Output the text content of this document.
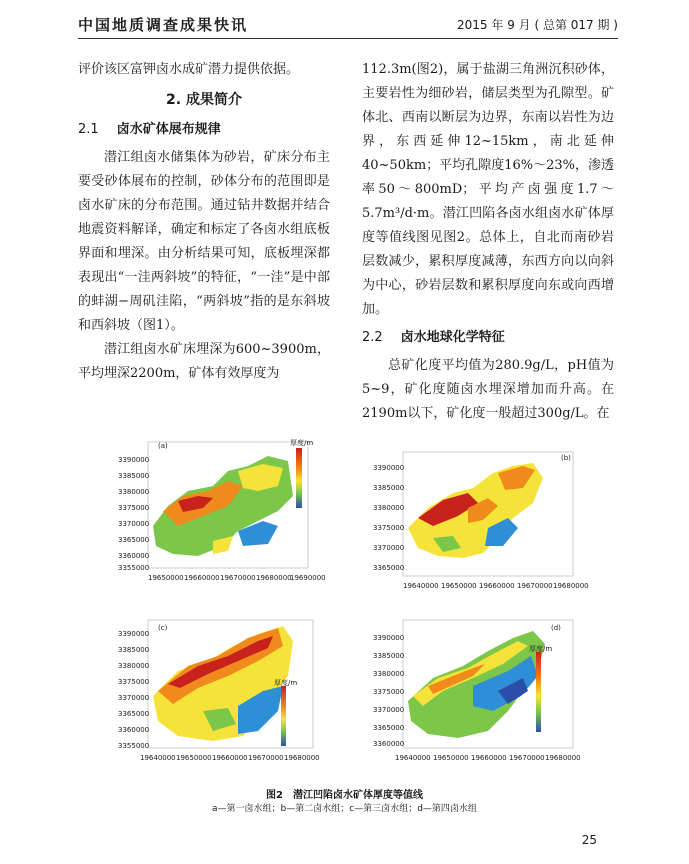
中国地质调查成果快讯	2015 年 9 月 ( 总第 017 期 )

评价该区富钾卤水成矿潜力提供依据。

2. 成果简介
2.1 卤水矿体展布规律

潜江组卤水储集体为砂岩，矿床分布主要受砂体展布的控制，砂体分布的范围即是卤水矿床的分布范围。通过钻井数据并结合地震资料解译，确定和标定了各卤水组底板界面和埋深。由分析结果可知，底板埋深都表现出“一洼两斜坡”的特征，“一洼”是中部的蚌湖−周矶洼陷，“两斜坡”指的是东斜坡和西斜坡（图1）。

潜江组卤水矿床埋深为600~3900m，平均埋深2200m，矿体有效厚度为

112.3m(图2)，属于盐湖三角洲沉积砂体，主要岩性为细砂岩，储层类型为孔隙型。矿体北、西南以断层为边界，东南以岩性为边界，东西延伸12~15km，南北延伸40~50km；平均孔隙度16%～23%，渗透率50～800mD；平均产卤强度1.7～5.7m³/d·m。潜江凹陷各卤水组卤水矿体厚度等值线图见图2。总体上，自北而南砂岩层数减少，累积厚度减薄，东西方向以向斜为中心，砂岩层数和累积厚度向东或向西增加。

2.2 卤水地球化学特征

总矿化度平均值为280.9g/L，pH值为5~9，矿化度随卤水埋深增加而升高。在2190m以下，矿化度一般超过300g/L。在

(a)	厚度/m
19650000 19660000 19670000 19680000
19690000
3390000
3385000
3380000
3375000
3370000
3365000
3360000
3355000
(b)
19640000 19650000 19660000 19670000 19680000
3390000
3385000
3380000
3375000
3370000
3365000
(c)
厚度/m
19640000 19650000 19660000 19670000 19680000
3390000
3385000
3380000
3375000
3370000
3365000
3360000
3355000
(d)
厚度/m
19640000 19650000 19660000 19670000 19680000
3390000
3385000
3380000
3375000
3370000
3365000
3360000
图2　潜江凹陷卤水矿体厚度等值线
a—第一卤水组；b—第二卤水组；c—第三卤水组；d—第四卤水组
25
